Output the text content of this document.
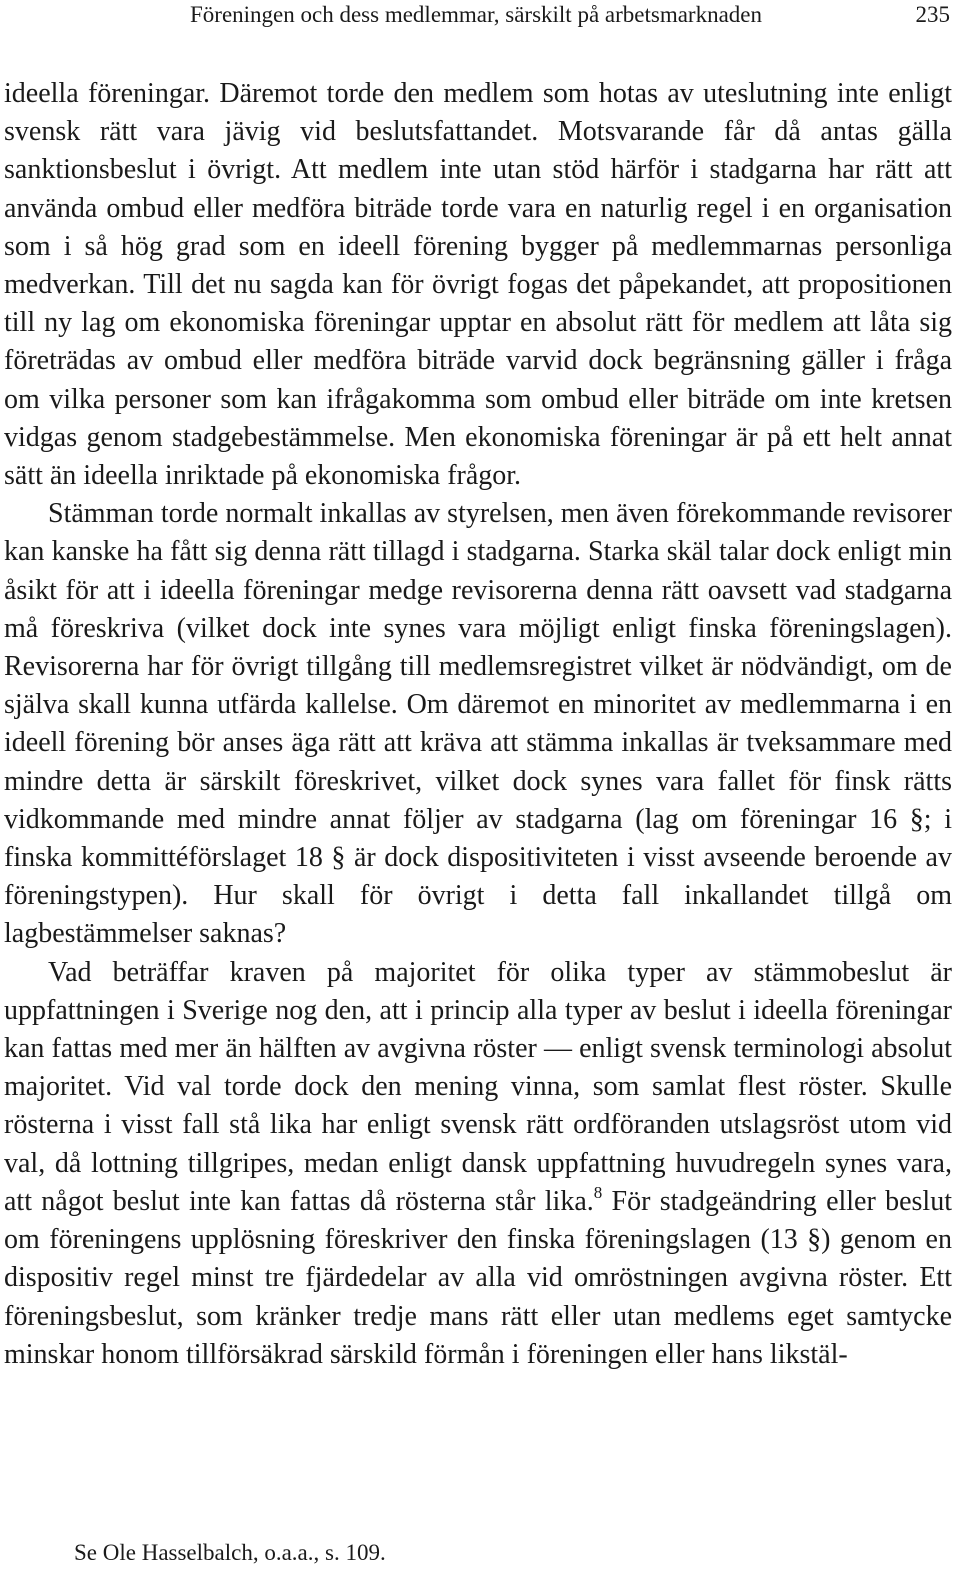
Föreningen och dess medlemmar, särskilt på arbetsmarknaden	235

ideella föreningar. Däremot torde den medlem som hotas av uteslutning inte enligt svensk rätt vara jävig vid beslutsfattandet. Motsvarande får då antas gälla sanktionsbeslut i övrigt. Att medlem inte utan stöd härför i stadgarna har rätt att använda ombud eller medföra biträde torde vara en naturlig regel i en organisation som i så hög grad som en ideell förening bygger på medlemmarnas personliga medverkan. Till det nu sagda kan för övrigt fogas det påpekandet, att propositionen till ny lag om ekonomiska föreningar upptar en absolut rätt för medlem att låta sig företrädas av ombud eller medföra biträde varvid dock begränsning gäller i fråga om vilka personer som kan ifrågakomma som ombud eller biträde om inte kretsen vidgas genom stadgebestämmelse. Men ekonomiska föreningar är på ett helt annat sätt än ideella inriktade på ekonomiska frågor.

Stämman torde normalt inkallas av styrelsen, men även förekommande revisorer kan kanske ha fått sig denna rätt tillagd i stadgarna. Starka skäl talar dock enligt min åsikt för att i ideella föreningar medge revisorerna denna rätt oavsett vad stadgarna må föreskriva (vilket dock inte synes vara möjligt enligt finska föreningslagen). Revisorerna har för övrigt tillgång till medlemsregistret vilket är nödvändigt, om de själva skall kunna utfärda kallelse. Om däremot en minoritet av medlemmarna i en ideell förening bör anses äga rätt att kräva att stämma inkallas är tveksammare med mindre detta är särskilt föreskrivet, vilket dock synes vara fallet för finsk rätts vidkommande med mindre annat följer av stadgarna (lag om föreningar 16 §; i finska kommittéförslaget 18 § är dock dispositiviteten i visst avseende beroende av föreningstypen). Hur skall för övrigt i detta fall inkallandet tillgå om lagbestämmelser saknas?

Vad beträffar kraven på majoritet för olika typer av stämmobeslut är uppfattningen i Sverige nog den, att i princip alla typer av beslut i ideella föreningar kan fattas med mer än hälften av avgivna röster — enligt svensk terminologi absolut majoritet. Vid val torde dock den mening vinna, som samlat flest röster. Skulle rösterna i visst fall stå lika har enligt svensk rätt ordföranden utslagsröst utom vid val, då lottning tillgripes, medan enligt dansk uppfattning huvudregeln synes vara, att något beslut inte kan fattas då rösterna står lika.$^8$ För stadgeändring eller beslut om föreningens upplösning föreskriver den finska föreningslagen (13 §) genom en dispositiv regel minst tre fjärdedelar av alla vid omröstningen avgivna röster. Ett föreningsbeslut, som kränker tredje mans rätt eller utan medlems eget samtycke minskar honom tillförsäkrad särskild förmån i föreningen eller hans likstäl-

Se Ole Hasselbalch, o.a.a., s. 109.
